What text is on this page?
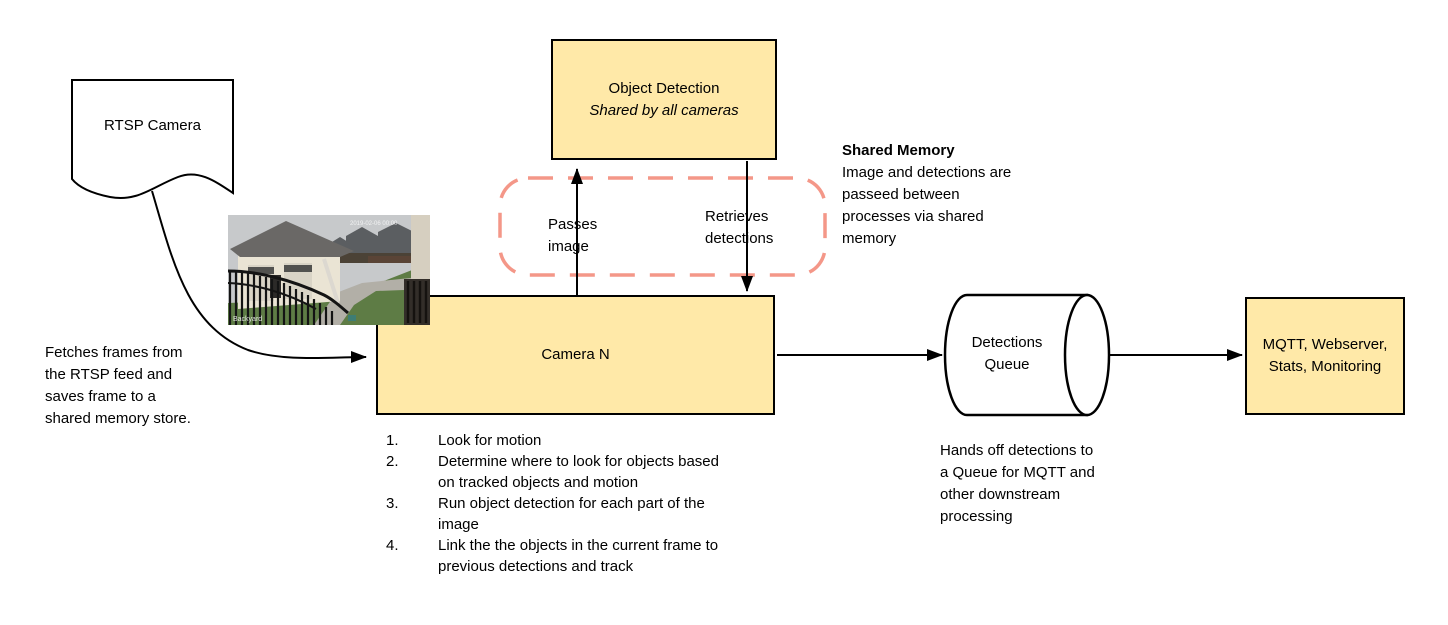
Object Detection
Shared by all cameras
Camera N
MQTT, Webserver, Stats, Monitoring
RTSP Camera
Passes image
Retrieves detections
Shared Memory
Image and detections are passeed between processes via shared memory
Fetches frames from the RTSP feed and saves frame to a shared memory store.
1.	Look for motion
2.	Determine where to look for objects based on tracked objects and motion
3.	Run object detection for each part of the image
4.	Link the the objects in the current frame to previous detections and track
Detections Queue
Hands off detections to a Queue for MQTT and other downstream processing
Backyard
2019-02-06 00:00
